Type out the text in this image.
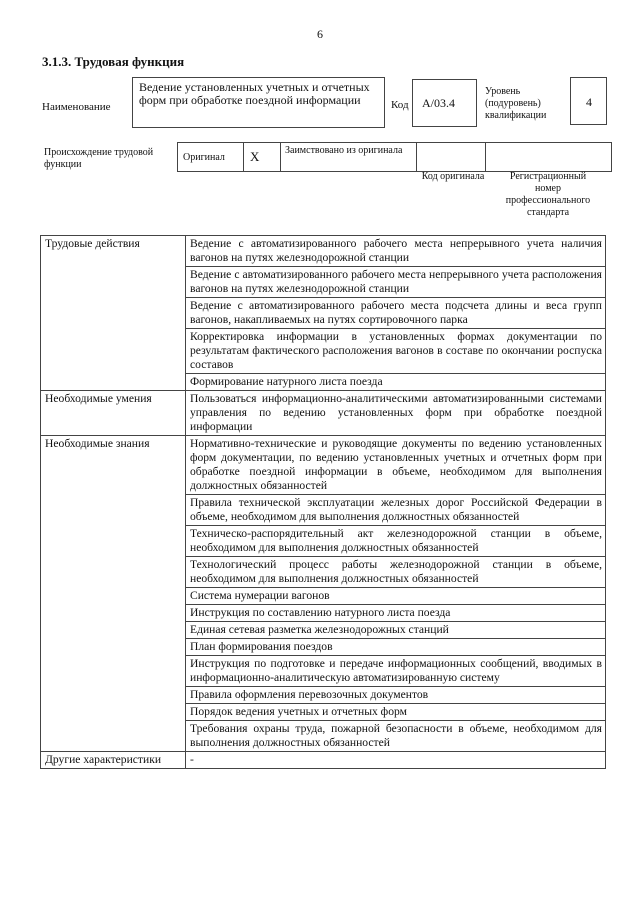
6
3.1.3. Трудовая функция
Наименование
Ведение установленных учетных и отчетных форм при обработке поездной информации	Код	А/03.4
Уровень (подуровень) квалификации
4
Происхождение трудовой функции
Оригинал X	Заимствовано из оригинала
Код оригинала	Регистрационный номер профессионального стандарта
Трудовые действия	Ведение с автоматизированного рабочего места непрерывного учета наличия вагонов на путях железнодорожной станции
	Ведение с автоматизированного рабочего места непрерывного учета расположения вагонов на путях железнодорожной станции
	Ведение с автоматизированного рабочего места подсчета длины и веса групп вагонов, накапливаемых на путях сортировочного парка
	Корректировка информации в установленных формах документации по результатам фактического расположения вагонов в составе по окончании роспуска составов
	Формирование натурного листа поезда
Необходимые умения	Пользоваться информационно-аналитическими автоматизированными системами управления по ведению установленных форм при обработке поездной информации
Необходимые знания	Нормативно-технические и руководящие документы по ведению установленных форм документации, по ведению установленных учетных и отчетных форм при обработке поездной информации в объеме, необходимом для выполнения должностных обязанностей
	Правила технической эксплуатации железных дорог Российской Федерации в объеме, необходимом для выполнения должностных обязанностей
	Техническо-распорядительный акт железнодорожной станции в объеме, необходимом для выполнения должностных обязанностей
	Технологический процесс работы железнодорожной станции в объеме, необходимом для выполнения должностных обязанностей
	Система нумерации вагонов
	Инструкция по составлению натурного листа поезда
	Единая сетевая разметка железнодорожных станций
	План формирования поездов
	Инструкция по подготовке и передаче информационных сообщений, вводимых в информационно-аналитическую автоматизированную систему
	Правила оформления перевозочных документов
	Порядок ведения учетных и отчетных форм
	Требования охраны труда, пожарной безопасности в объеме, необходимом для выполнения должностных обязанностей
Другие характеристики	-
